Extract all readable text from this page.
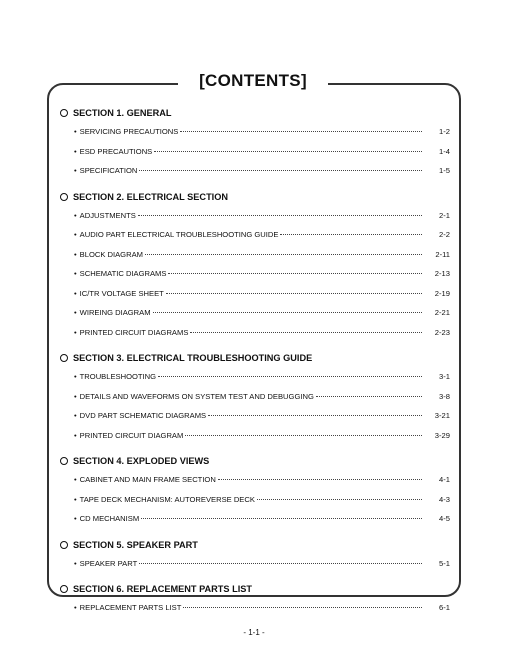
[CONTENTS]
SECTION 1. GENERAL
• SERVICING PRECAUTIONS	1-2
• ESD PRECAUTIONS	1-4
• SPECIFICATION	1-5
SECTION 2. ELECTRICAL SECTION
• ADJUSTMENTS	2-1
• AUDIO PART ELECTRICAL TROUBLESHOOTING GUIDE	2-2
• BLOCK DIAGRAM	2-11
• SCHEMATIC DIAGRAMS	2-13
• IC/TR VOLTAGE SHEET	2-19
• WIREING DIAGRAM	2-21
• PRINTED CIRCUIT DIAGRAMS	2-23
SECTION 3. ELECTRICAL TROUBLESHOOTING GUIDE
• TROUBLESHOOTING	3-1
• DETAILS AND WAVEFORMS ON SYSTEM TEST AND DEBUGGING	3-8
• DVD PART SCHEMATIC DIAGRAMS	3-21
• PRINTED CIRCUIT DIAGRAM	3-29
SECTION 4. EXPLODED VIEWS
• CABINET AND MAIN FRAME SECTION	4-1
• TAPE DECK MECHANISM: AUTOREVERSE DECK	4-3
• CD MECHANISM	4-5
SECTION 5. SPEAKER PART
• SPEAKER PART	5-1
SECTION 6. REPLACEMENT PARTS LIST
• REPLACEMENT PARTS LIST	6-1
- 1-1 -
